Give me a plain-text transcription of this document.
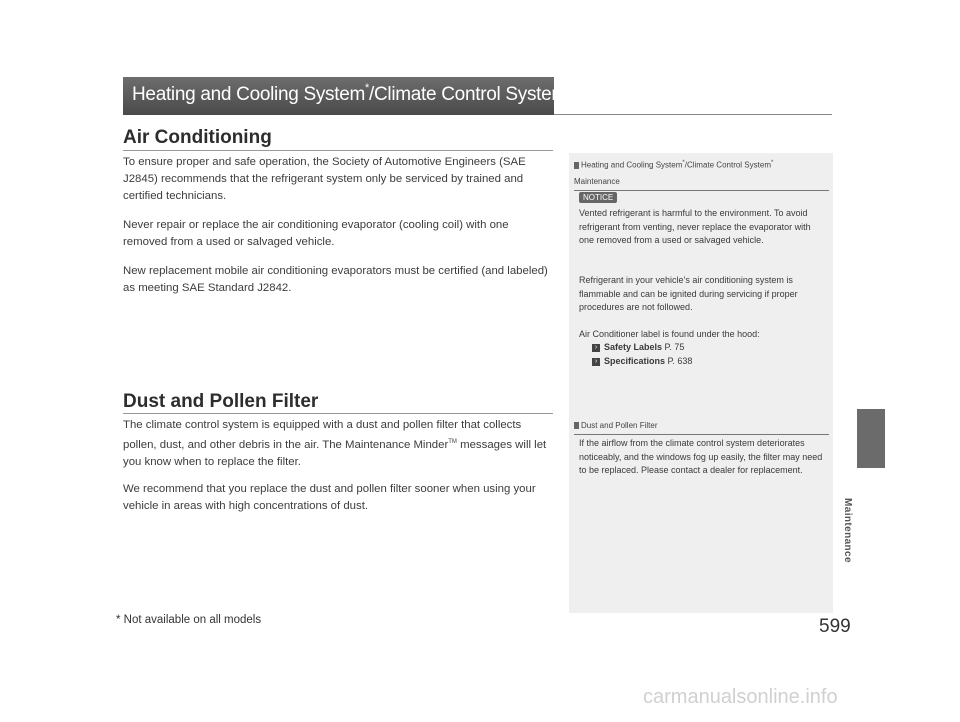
Heating and Cooling System*/Climate Control System* Maintenance
Maintenance
Air Conditioning

To ensure proper and safe operation, the Society of Automotive Engineers (SAE J2845) recommends that the refrigerant system only be serviced by trained and certified technicians.

Never repair or replace the air conditioning evaporator (cooling coil) with one removed from a used or salvaged vehicle.

New replacement mobile air conditioning evaporators must be certified (and labeled) as meeting SAE Standard J2842.

Dust and Pollen Filter

The climate control system is equipped with a dust and pollen filter that collects pollen, dust, and other debris in the air. The Maintenance Minder™ messages will let you know when to replace the filter.

We recommend that you replace the dust and pollen filter sooner when using your vehicle in areas with high concentrations of dust.

Heating and Cooling System*/Climate Control System*
Maintenance
NOTICE

Vented refrigerant is harmful to the environment. To avoid refrigerant from venting, never replace the evaporator with one removed from a used or salvaged vehicle.

Refrigerant in your vehicle’s air conditioning system is flammable and can be ignited during servicing if proper procedures are not followed.

Air Conditioner label is found under the hood:

› Safety Labels P. 75
› Specifications P. 638
Dust and Pollen Filter

If the airflow from the climate control system deteriorates noticeably, and the windows fog up easily, the filter may need to be replaced. Please contact a dealer for replacement.

599
* Not available on all models
carmanualsonline.info
